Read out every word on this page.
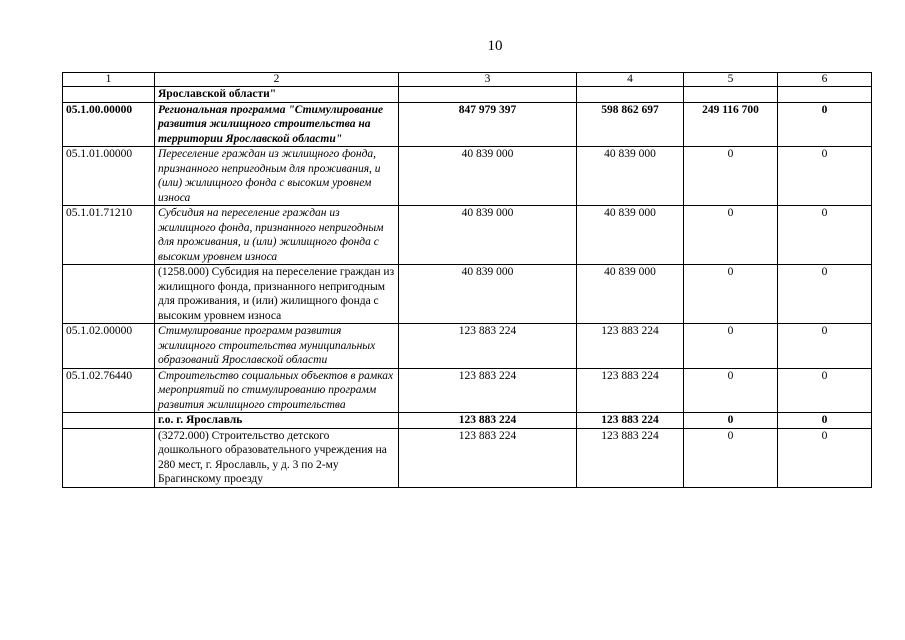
10
1	2	3	4	5	6
	Ярославской области"				
05.1.00.00000	Региональная программа "Стимулирование развития жилищного строительства на территории Ярославской области"	847 979 397	598 862 697	249 116 700	0
05.1.01.00000	Переселение граждан из жилищного фонда, признанного непригодным для проживания, и (или) жилищного фонда с высоким уровнем износа	40 839 000	40 839 000	0	0
05.1.01.71210	Субсидия на переселение граждан из жилищного фонда, признанного непригодным для проживания, и (или) жилищного фонда с высоким уровнем износа	40 839 000	40 839 000	0	0
	(1258.000) Субсидия на переселение граждан из жилищного фонда, признанного непригодным для проживания, и (или) жилищного фонда с высоким уровнем износа	40 839 000	40 839 000	0	0
05.1.02.00000	Стимулирование программ развития жилищного строительства муниципальных образований Ярославской области	123 883 224	123 883 224	0	0
05.1.02.76440	Строительство социальных объектов в рамках мероприятий по стимулированию программ развития жилищного строительства	123 883 224	123 883 224	0	0
	г.о. г. Ярославль	123 883 224	123 883 224	0	0
	(3272.000) Строительство детского дошкольного образовательного учреждения на 280 мест, г. Ярославль, у д. 3 по 2-му Брагинскому проезду	123 883 224	123 883 224	0	0
